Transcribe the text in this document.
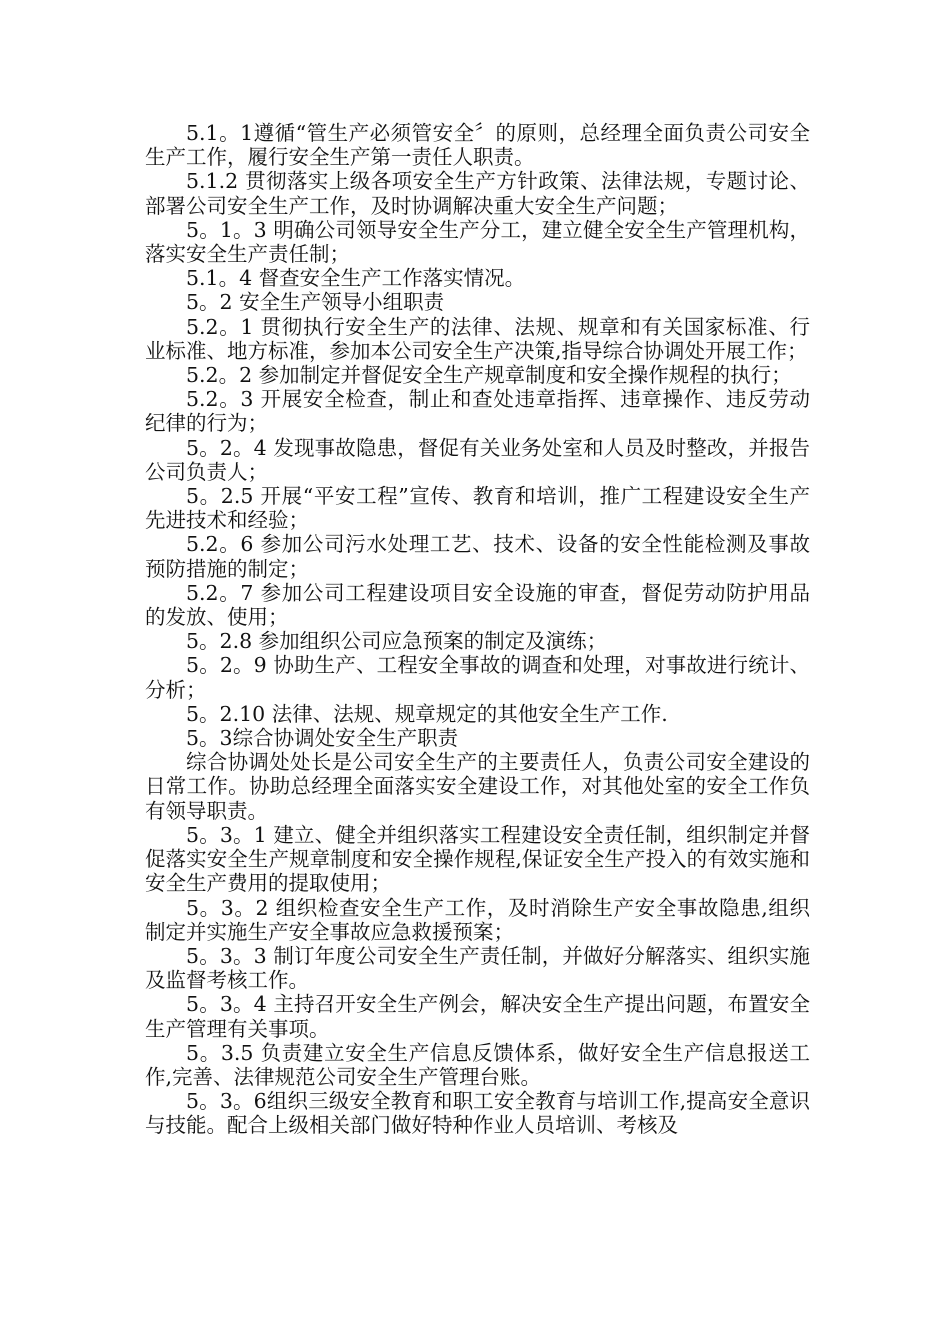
5.1。1遵循“管生产必须管安全〞的原则，总经理全面负责公司安全生产工作，履行安全生产第一责任人职责。

5.1.2 贯彻落实上级各项安全生产方针政策、法律法规，专题讨论、部署公司安全生产工作，及时协调解决重大安全生产问题；

5。1。3 明确公司领导安全生产分工，建立健全安全生产管理机构，落实安全生产责任制；

5.1。4 督查安全生产工作落实情况。

5。2 安全生产领导小组职责

5.2。1 贯彻执行安全生产的法律、法规、规章和有关国家标准、行业标准、地方标准，参加本公司安全生产决策,指导综合协调处开展工作；

5.2。2 参加制定并督促安全生产规章制度和安全操作规程的执行；

5.2。3 开展安全检查，制止和查处违章指挥、违章操作、违反劳动纪律的行为；

5。2。4 发现事故隐患，督促有关业务处室和人员及时整改，并报告公司负责人；

5。2.5 开展“平安工程”宣传、教育和培训，推广工程建设安全生产先进技术和经验；

5.2。6 参加公司污水处理工艺、技术、设备的安全性能检测及事故预防措施的制定；

5.2。7 参加公司工程建设项目安全设施的审查，督促劳动防护用品的发放、使用；

5。2.8 参加组织公司应急预案的制定及演练；

5。2。9 协助生产、工程安全事故的调查和处理，对事故进行统计、分析；

5。2.10 法律、法规、规章规定的其他安全生产工作.

5。3综合协调处安全生产职责

综合协调处处长是公司安全生产的主要责任人，负责公司安全建设的日常工作。协助总经理全面落实安全建设工作，对其他处室的安全工作负有领导职责。

5。3。1 建立、健全并组织落实工程建设安全责任制，组织制定并督促落实安全生产规章制度和安全操作规程,保证安全生产投入的有效实施和安全生产费用的提取使用；

5。3。2 组织检查安全生产工作，及时消除生产安全事故隐患,组织制定并实施生产安全事故应急救援预案；

5。3。3 制订年度公司安全生产责任制，并做好分解落实、组织实施及监督考核工作。

5。3。4 主持召开安全生产例会，解决安全生产提出问题，布置安全生产管理有关事项。

5。3.5 负责建立安全生产信息反馈体系，做好安全生产信息报送工作,完善、法律规范公司安全生产管理台账。

5。3。6组织三级安全教育和职工安全教育与培训工作,提高安全意识与技能。配合上级相关部门做好特种作业人员培训、考核及
